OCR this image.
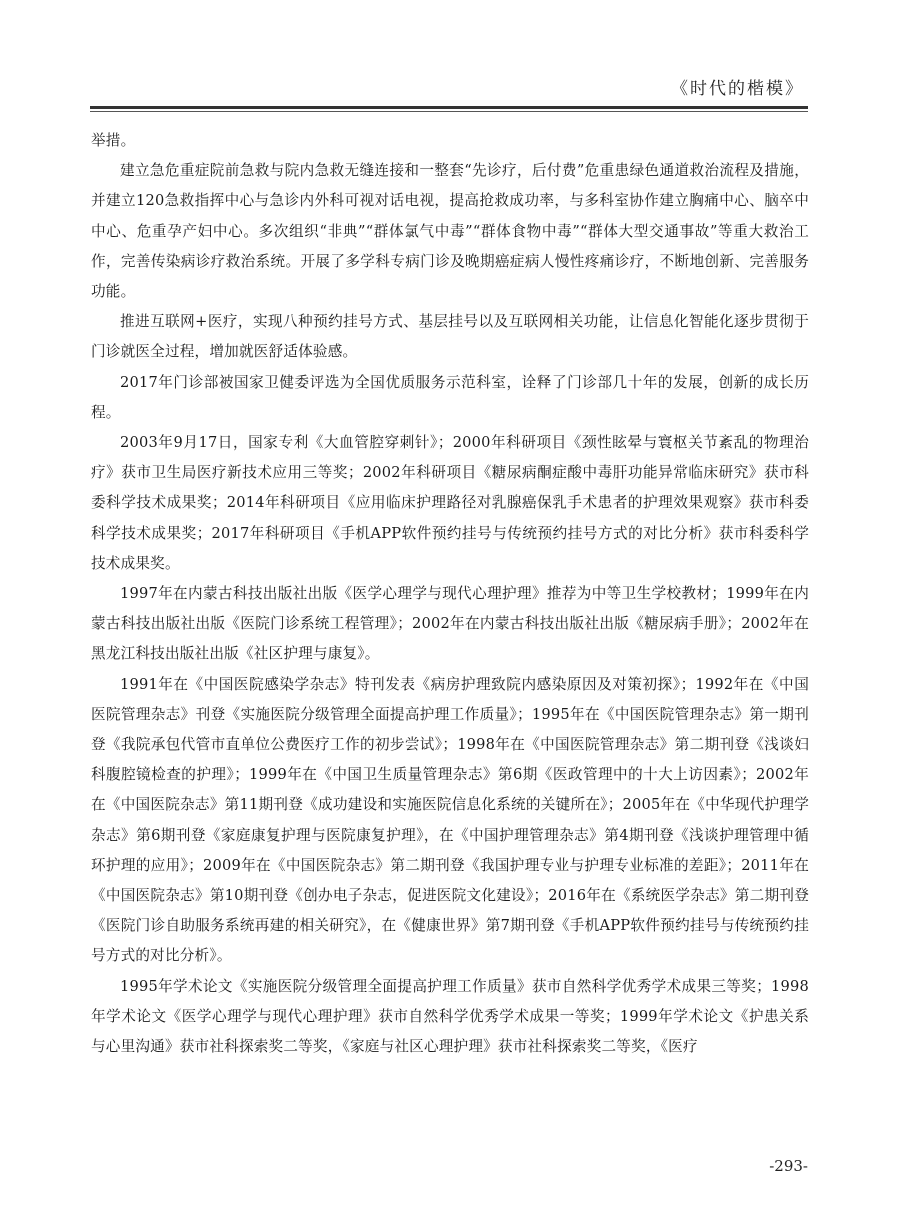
《时代的楷模》

举措。

建立急危重症院前急救与院内急救无缝连接和一整套“先诊疗，后付费”危重患绿色通道救治流程及措施，并建立120急救指挥中心与急诊内外科可视对话电视，提高抢救成功率，与多科室协作建立胸痛中心、脑卒中中心、危重孕产妇中心。多次组织“非典”“群体氯气中毒”“群体食物中毒”“群体大型交通事故”等重大救治工作，完善传染病诊疗救治系统。开展了多学科专病门诊及晚期癌症病人慢性疼痛诊疗，不断地创新、完善服务功能。

推进互联网+医疗，实现八种预约挂号方式、基层挂号以及互联网相关功能，让信息化智能化逐步贯彻于门诊就医全过程，增加就医舒适体验感。

2017年门诊部被国家卫健委评选为全国优质服务示范科室，诠释了门诊部几十年的发展，创新的成长历程。

2003年9月17日，国家专利《大血管腔穿刺针》；2000年科研项目《颈性眩晕与寰枢关节紊乱的物理治疗》获市卫生局医疗新技术应用三等奖；2002年科研项目《糖尿病酮症酸中毒肝功能异常临床研究》获市科委科学技术成果奖；2014年科研项目《应用临床护理路径对乳腺癌保乳手术患者的护理效果观察》获市科委科学技术成果奖；2017年科研项目《手机APP软件预约挂号与传统预约挂号方式的对比分析》获市科委科学技术成果奖。

1997年在内蒙古科技出版社出版《医学心理学与现代心理护理》推荐为中等卫生学校教材；1999年在内蒙古科技出版社出版《医院门诊系统工程管理》；2002年在内蒙古科技出版社出版《糖尿病手册》；2002年在黑龙江科技出版社出版《社区护理与康复》。

1991年在《中国医院感染学杂志》特刊发表《病房护理致院内感染原因及对策初探》；1992年在《中国医院管理杂志》刊登《实施医院分级管理全面提高护理工作质量》；1995年在《中国医院管理杂志》第一期刊登《我院承包代管市直单位公费医疗工作的初步尝试》；1998年在《中国医院管理杂志》第二期刊登《浅谈妇科腹腔镜检查的护理》；1999年在《中国卫生质量管理杂志》第6期《医政管理中的十大上访因素》；2002年在《中国医院杂志》第11期刊登《成功建设和实施医院信息化系统的关键所在》；2005年在《中华现代护理学杂志》第6期刊登《家庭康复护理与医院康复护理》，在《中国护理管理杂志》第4期刊登《浅谈护理管理中循环护理的应用》；2009年在《中国医院杂志》第二期刊登《我国护理专业与护理专业标准的差距》；2011年在《中国医院杂志》第10期刊登《创办电子杂志，促进医院文化建设》；2016年在《系统医学杂志》第二期刊登《医院门诊自助服务系统再建的相关研究》，在《健康世界》第7期刊登《手机APP软件预约挂号与传统预约挂号方式的对比分析》。

1995年学术论文《实施医院分级管理全面提高护理工作质量》获市自然科学优秀学术成果三等奖；1998年学术论文《医学心理学与现代心理护理》获市自然科学优秀学术成果一等奖；1999年学术论文《护患关系与心里沟通》获市社科探索奖二等奖，《家庭与社区心理护理》获市社科探索奖二等奖，《医疗

-293-
